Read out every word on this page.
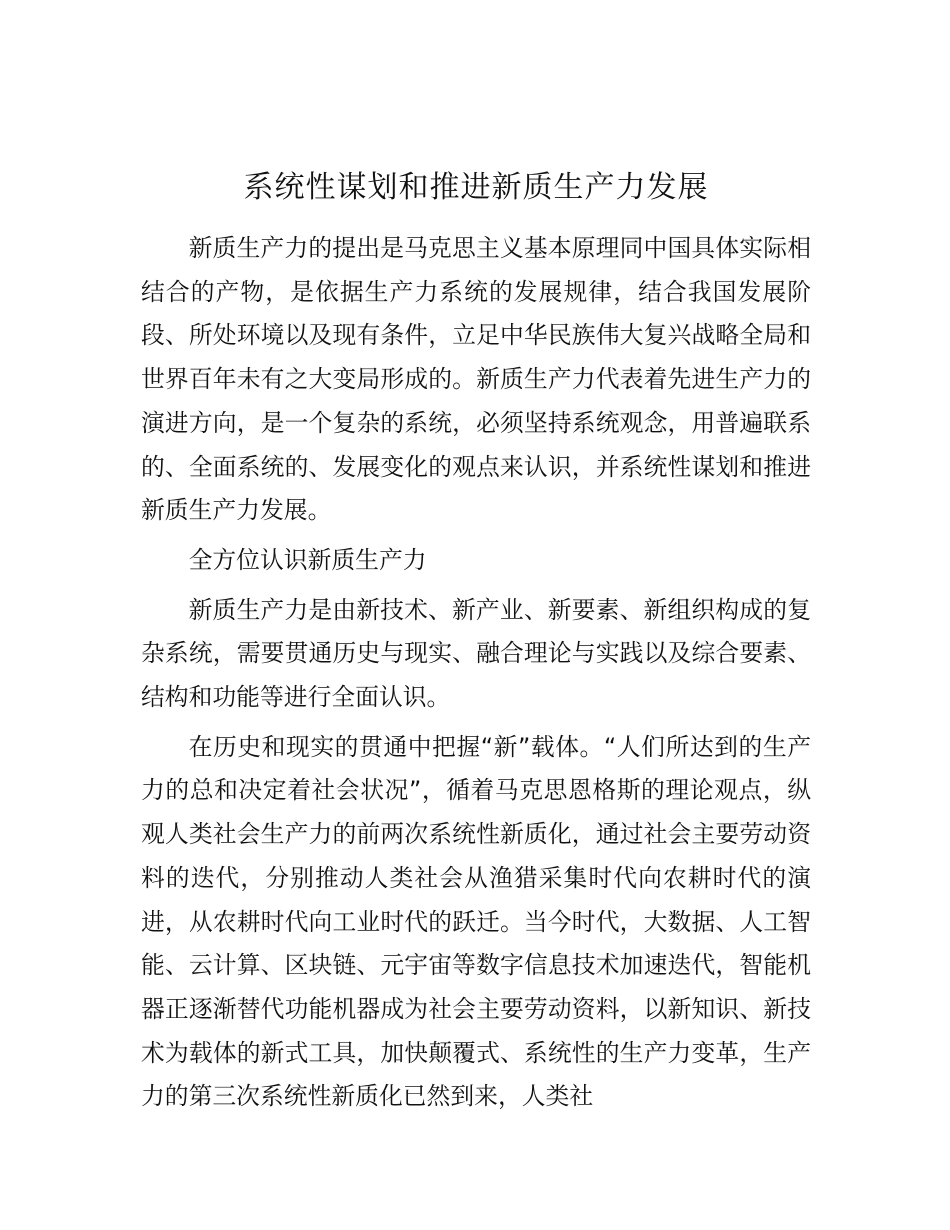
系统性谋划和推进新质生产力发展

新质生产力的提出是马克思主义基本原理同中国具体实际相结合的产物，是依据生产力系统的发展规律，结合我国发展阶段、所处环境以及现有条件，立足中华民族伟大复兴战略全局和世界百年未有之大变局形成的。新质生产力代表着先进生产力的演进方向，是一个复杂的系统，必须坚持系统观念，用普遍联系的、全面系统的、发展变化的观点来认识，并系统性谋划和推进新质生产力发展。

全方位认识新质生产力

新质生产力是由新技术、新产业、新要素、新组织构成的复杂系统，需要贯通历史与现实、融合理论与实践以及综合要素、结构和功能等进行全面认识。

在历史和现实的贯通中把握“新”载体。“人们所达到的生产力的总和决定着社会状况”，循着马克思恩格斯的理论观点，纵观人类社会生产力的前两次系统性新质化，通过社会主要劳动资料的迭代，分别推动人类社会从渔猎采集时代向农耕时代的演进，从农耕时代向工业时代的跃迁。当今时代，大数据、人工智能、云计算、区块链、元宇宙等数字信息技术加速迭代，智能机器正逐渐替代功能机器成为社会主要劳动资料，以新知识、新技术为载体的新式工具，加快颠覆式、系统性的生产力变革，生产力的第三次系统性新质化已然到来，人类社
